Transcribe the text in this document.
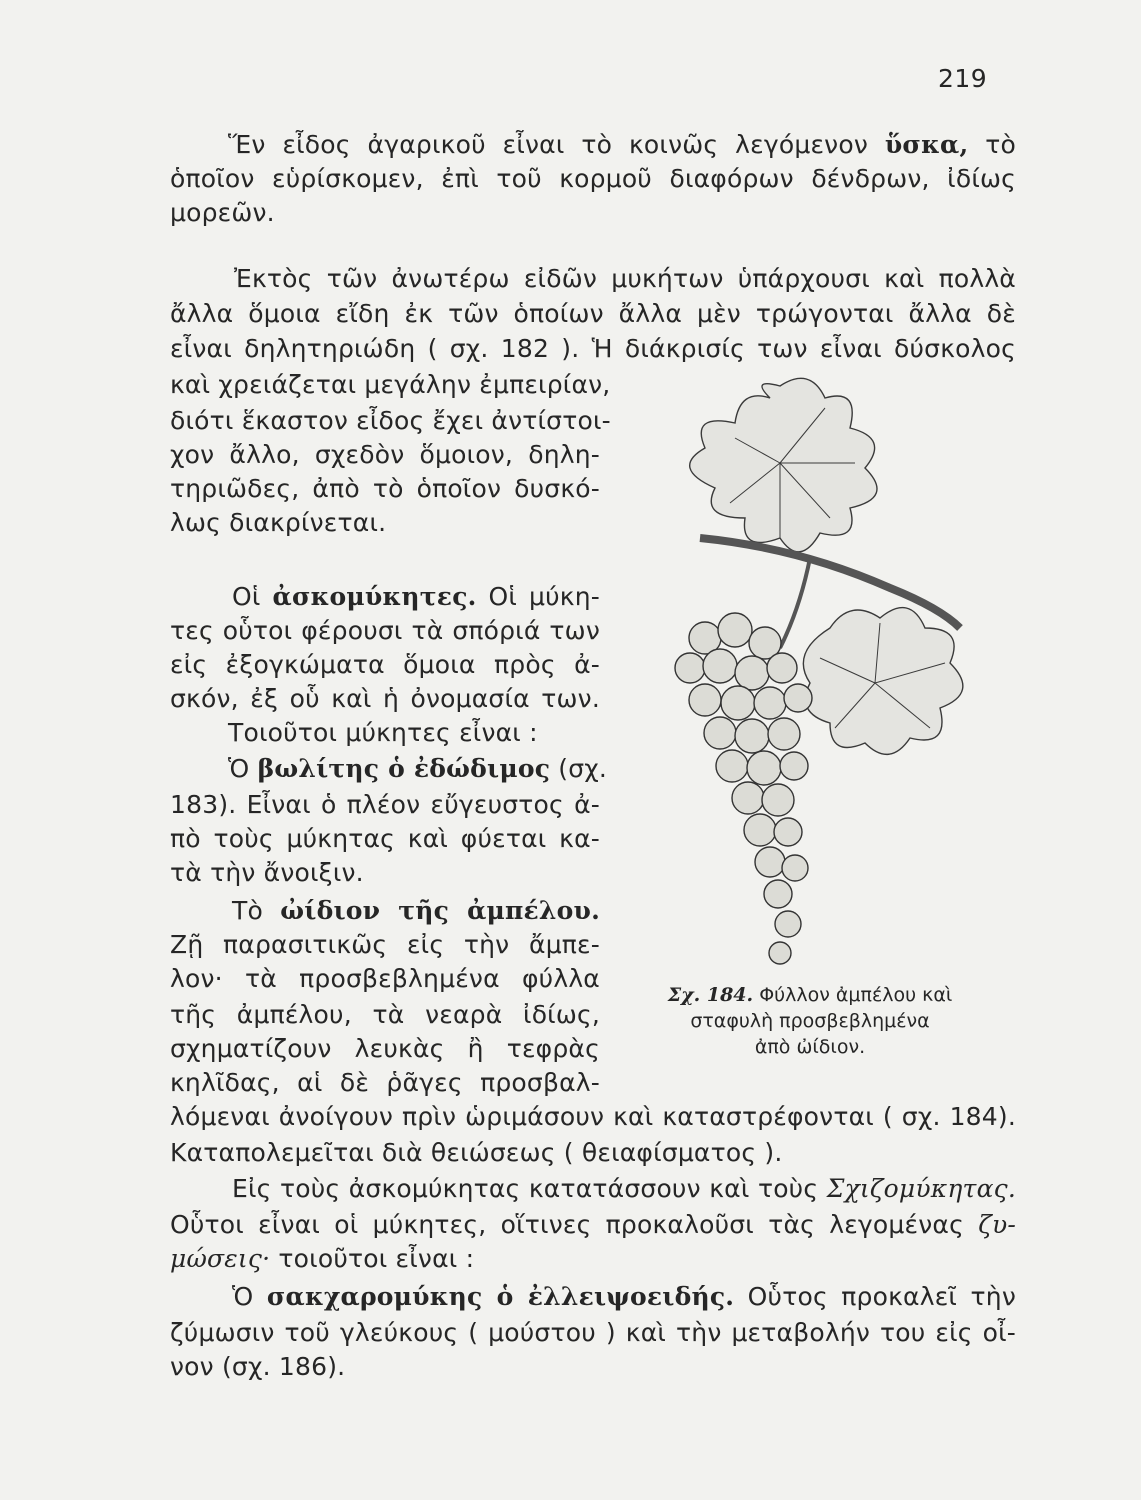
219
Ἕν εἶδος ἀγαρικοῦ εἶναι τὸ κοινῶς λεγόμενον ὕσκα, τὸ
ὁποῖον εὑρίσκομεν, ἐπὶ τοῦ κορμοῦ διαφόρων δένδρων, ἰδίως
μορεῶν.
Ἐκτὸς τῶν ἀνωτέρω εἰδῶν μυκήτων ὑπάρχουσι καὶ πολλὰ
ἄλλα ὅμοια εἴδη ἐκ τῶν ὁποίων ἄλλα μὲν τρώγονται ἄλλα δὲ
εἶναι δηλητηριώδη ( σχ. 182 ). Ἡ διάκρισίς των εἶναι δύσκολος
καὶ χρειάζεται μεγάλην ἐμπειρίαν,
διότι ἕκαστον εἶδος ἔχει ἀντίστοι-
χον ἄλλο, σχεδὸν ὅμοιον, δηλη-
τηριῶδες, ἀπὸ τὸ ὁποῖον δυσκό-
λως διακρίνεται.
Οἱ ἀσκομύκητες. Οἱ μύκη-
τες οὗτοι φέρουσι τὰ σπόριά των
εἰς ἐξογκώματα ὅμοια πρὸς ἀ-
σκόν, ἐξ οὗ καὶ ἡ ὀνομασία των.
Τοιοῦτοι μύκητες εἶναι :
Ὁ βωλίτης ὁ ἐδώδιμος (σχ.
183). Εἶναι ὁ πλέον εὔγευστος ἀ-
πὸ τοὺς μύκητας καὶ φύεται κα-
τὰ τὴν ἄνοιξιν.
Τὸ ὠίδιον τῆς ἀμπέλου.
Ζῇ παρασιτικῶς εἰς τὴν ἄμπε-
λον· τὰ προσβεβλημένα φύλλα
τῆς ἀμπέλου, τὰ νεαρὰ ἰδίως,
σχηματίζουν λευκὰς ἢ τεφρὰς
κηλῖδας, αἱ δὲ ῥᾶγες προσβαλ-
λόμεναι ἀνοίγουν πρὶν ὡριμάσουν καὶ καταστρέφονται ( σχ. 184).
Καταπολεμεῖται διὰ θειώσεως ( θειαφίσματος ).
Εἰς τοὺς ἀσκομύκητας κατατάσσουν καὶ τοὺς Σχιζομύκητας.
Οὗτοι εἶναι οἱ μύκητες, οἵτινες προκαλοῦσι τὰς λεγομένας ζυ-
μώσεις· τοιοῦτοι εἶναι :
Ὁ σακχαρομύκης ὁ ἐλλειψοειδής. Οὗτος προκαλεῖ τὴν
ζύμωσιν τοῦ γλεύκους ( μούστου ) καὶ τὴν μεταβολήν του εἰς οἶ-
νον (σχ. 186).
Σχ. 184. Φύλλον ἀμπέλου καὶ
σταφυλὴ προσβεβλημένα
ἀπὸ ὠίδιον.
